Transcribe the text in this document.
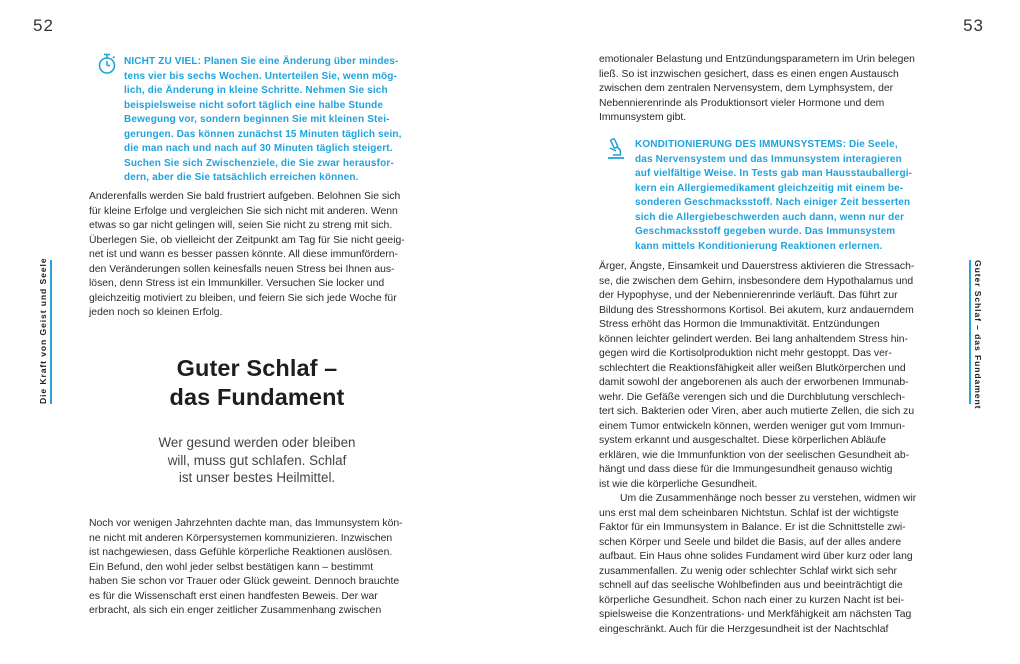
52	53
Die Kraft von Geist und Seele	Guter Schlaf – das Fundament
NICHT ZU VIEL: Planen Sie eine Änderung über mindes-
tens vier bis sechs Wochen. Unterteilen Sie, wenn mög-
lich, die Änderung in kleine Schritte. Nehmen Sie sich
beispielsweise nicht sofort täglich eine halbe Stunde
Bewegung vor, sondern beginnen Sie mit kleinen Stei-
gerungen. Das können zunächst 15 Minuten täglich sein,
die man nach und nach auf 30 Minuten täglich steigert.
Suchen Sie sich Zwischenziele, die Sie zwar herausfor-
dern, aber die Sie tatsächlich erreichen können.
Anderenfalls werden Sie bald frustriert aufgeben. Belohnen Sie sich
für kleine Erfolge und vergleichen Sie sich nicht mit anderen. Wenn
etwas so gar nicht gelingen will, seien Sie nicht zu streng mit sich.
Überlegen Sie, ob vielleicht der Zeitpunkt am Tag für Sie nicht geeig-
net ist und wann es besser passen könnte. All diese immunfördern-
den Veränderungen sollen keinesfalls neuen Stress bei Ihnen aus-
lösen, denn Stress ist ein Immunkiller. Versuchen Sie locker und
gleichzeitig motiviert zu bleiben, und feiern Sie sich jede Woche für
jeden noch so kleinen Erfolg.
Guter Schlaf –
das Fundament
Wer gesund werden oder bleiben
will, muss gut schlafen. Schlaf
ist unser bestes Heilmittel.
Noch vor wenigen Jahrzehnten dachte man, das Immunsystem kön-
ne nicht mit anderen Körpersystemen kommunizieren. Inzwischen
ist nachgewiesen, dass Gefühle körperliche Reaktionen auslösen.
Ein Befund, den wohl jeder selbst bestätigen kann – bestimmt
haben Sie schon vor Trauer oder Glück geweint. Dennoch brauchte
es für die Wissenschaft erst einen handfesten Beweis. Der war
erbracht, als sich ein enger zeitlicher Zusammenhang zwischen
emotionaler Belastung und Entzündungsparametern im Urin belegen
ließ. So ist inzwischen gesichert, dass es einen engen Austausch
zwischen dem zentralen Nervensystem, dem Lymphsystem, der
Nebennierenrinde als Produktionsort vieler Hormone und dem
Immunsystem gibt.
KONDITIONIERUNG DES IMMUNSYSTEMS: Die Seele,
das Nervensystem und das Immunsystem interagieren
auf vielfältige Weise. In Tests gab man Hausstauballergi-
kern ein Allergiemedikament gleichzeitig mit einem be-
sonderen Geschmacksstoff. Nach einiger Zeit besserten
sich die Allergiebeschwerden auch dann, wenn nur der
Geschmacksstoff gegeben wurde. Das Immunsystem
kann mittels Konditionierung Reaktionen erlernen.
Ärger, Ängste, Einsamkeit und Dauerstress aktivieren die Stressach-
se, die zwischen dem Gehirn, insbesondere dem Hypothalamus und
der Hypophyse, und der Nebennierenrinde verläuft. Das führt zur
Bildung des Stresshormons Kortisol. Bei akutem, kurz andauerndem
Stress erhöht das Hormon die Immunaktivität. Entzündungen
können leichter gelindert werden. Bei lang anhaltendem Stress hin-
gegen wird die Kortisolproduktion nicht mehr gestoppt. Das ver-
schlechtert die Reaktionsfähigkeit aller weißen Blutkörperchen und
damit sowohl der angeborenen als auch der erworbenen Immunab-
wehr. Die Gefäße verengen sich und die Durchblutung verschlech-
tert sich. Bakterien oder Viren, aber auch mutierte Zellen, die sich zu
einem Tumor entwickeln können, werden weniger gut vom Immun-
system erkannt und ausgeschaltet. Diese körperlichen Abläufe
erklären, wie die Immunfunktion von der seelischen Gesundheit ab-
hängt und dass diese für die Immungesundheit genauso wichtig
ist wie die körperliche Gesundheit.
Um die Zusammenhänge noch besser zu verstehen, widmen wir
uns erst mal dem scheinbaren Nichtstun. Schlaf ist der wichtigste
Faktor für ein Immunsystem in Balance. Er ist die Schnittstelle zwi-
schen Körper und Seele und bildet die Basis, auf der alles andere
aufbaut. Ein Haus ohne solides Fundament wird über kurz oder lang
zusammenfallen. Zu wenig oder schlechter Schlaf wirkt sich sehr
schnell auf das seelische Wohlbefinden aus und beeinträchtigt die
körperliche Gesundheit. Schon nach einer zu kurzen Nacht ist bei-
spielsweise die Konzentrations- und Merkfähigkeit am nächsten Tag
eingeschränkt. Auch für die Herzgesundheit ist der Nachtschlaf
